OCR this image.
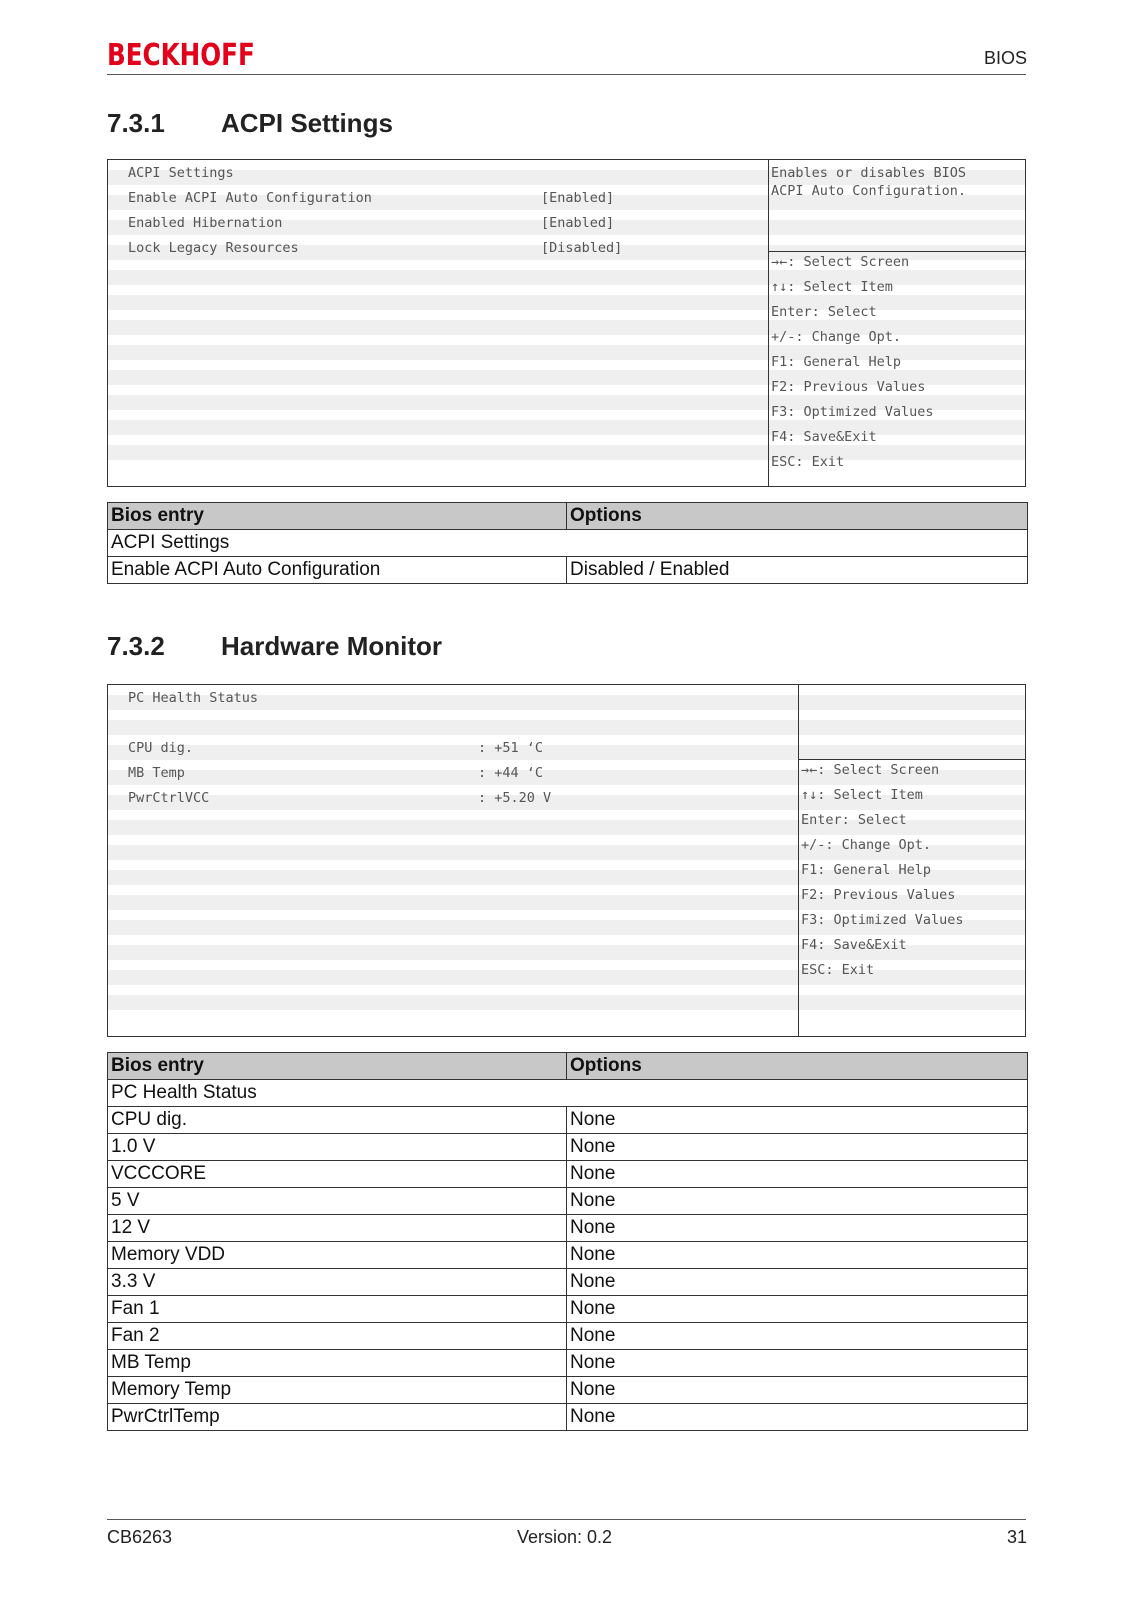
BECKHOFF	BIOS
7.3.1 ACPI Settings
ACPI Settings
Enable ACPI Auto Configuration	[Enabled]
Enabled Hibernation	[Enabled]
Lock Legacy Resources	[Disabled]
Enables or disables BIOS
ACPI Auto Configuration.
→←: Select Screen
↑↓: Select Item
Enter: Select
+/-: Change Opt.
F1: General Help
F2: Previous Values
F3: Optimized Values
F4: Save&Exit
ESC: Exit
Bios entry	Options
ACPI Settings	
Enable ACPI Auto Configuration	Disabled / Enabled
7.3.2 Hardware Monitor
PC Health Status
CPU dig.	: +51 ‘C
MB Temp	: +44 ‘C
PwrCtrlVCC	: +5.20 V
→←: Select Screen
↑↓: Select Item
Enter: Select
+/-: Change Opt.
F1: General Help
F2: Previous Values
F3: Optimized Values
F4: Save&Exit
ESC: Exit
Bios entry	Options
PC Health Status	
CPU dig.	None
1.0 V	None
VCCCORE	None
5 V	None
12 V	None
Memory VDD	None
3.3 V	None
Fan 1	None
Fan 2	None
MB Temp	None
Memory Temp	None
PwrCtrlTemp	None
CB6263	Version: 0.2	31
